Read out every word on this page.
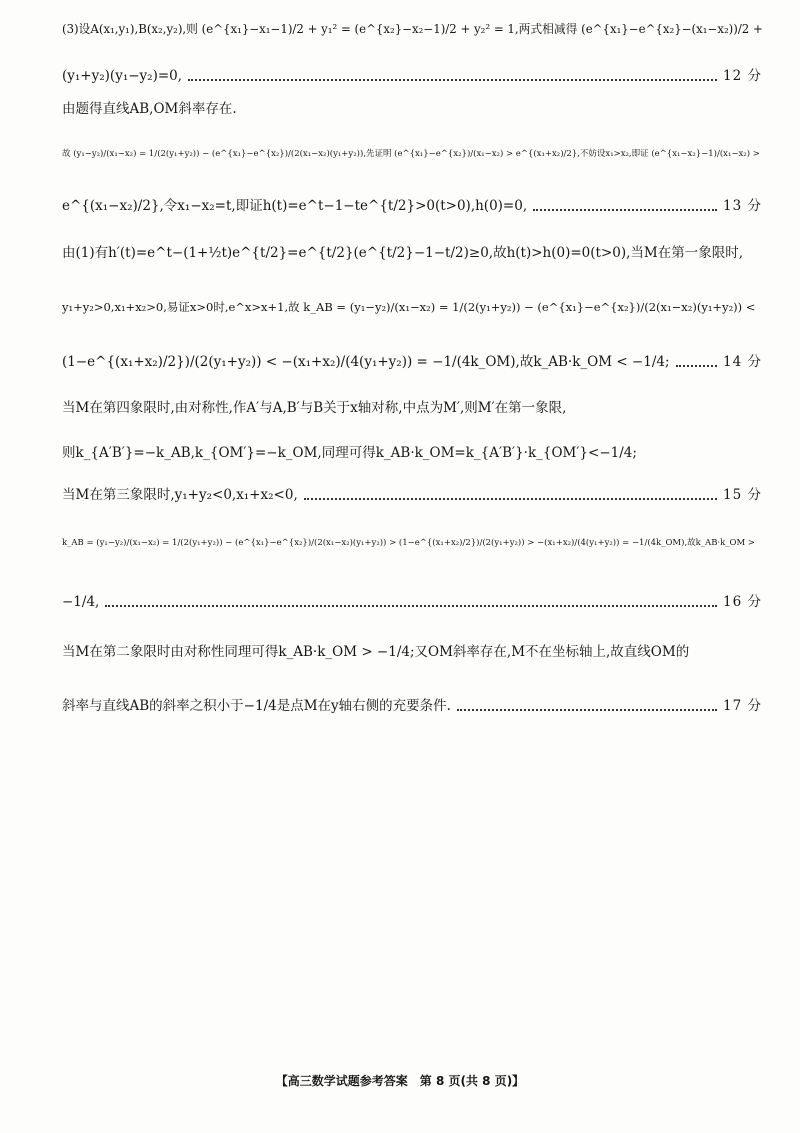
(3)设A(x₁,y₁),B(x₂,y₂),则 (e^{x₁}−x₁−1)/2 + y₁² = (e^{x₂}−x₂−1)/2 + y₂² = 1,两式相减得 (e^{x₁}−e^{x₂}−(x₁−x₂))/2 +
(y₁+y₂)(y₁−y₂)=0,	12 分
由题得直线AB,OM斜率存在.
故 (y₁−y₂)/(x₁−x₂) = 1/(2(y₁+y₂)) − (e^{x₁}−e^{x₂})/(2(x₁−x₂)(y₁+y₂)),先证明 (e^{x₁}−e^{x₂})/(x₁−x₂) > e^{(x₁+x₂)/2},不妨设x₁>x₂,即证 (e^{x₁−x₂}−1)/(x₁−x₂) >
e^{(x₁−x₂)/2},令x₁−x₂=t,即证h(t)=e^t−1−te^{t/2}>0(t>0),h(0)=0,	13 分
由(1)有h′(t)=e^t−(1+½t)e^{t/2}=e^{t/2}(e^{t/2}−1−t/2)≥0,故h(t)>h(0)=0(t>0),当M在第一象限时,
y₁+y₂>0,x₁+x₂>0,易证x>0时,e^x>x+1,故 k_AB = (y₁−y₂)/(x₁−x₂) = 1/(2(y₁+y₂)) − (e^{x₁}−e^{x₂})/(2(x₁−x₂)(y₁+y₂)) <
(1−e^{(x₁+x₂)/2})/(2(y₁+y₂)) < −(x₁+x₂)/(4(y₁+y₂)) = −1/(4k_OM),故k_AB·k_OM < −1/4;	14 分
当M在第四象限时,由对称性,作A′与A,B′与B关于x轴对称,中点为M′,则M′在第一象限,
则k_{A′B′}=−k_AB,k_{OM′}=−k_OM,同理可得k_AB·k_OM=k_{A′B′}·k_{OM′}<−1/4;
当M在第三象限时,y₁+y₂<0,x₁+x₂<0,	15 分
k_AB = (y₁−y₂)/(x₁−x₂) = 1/(2(y₁+y₂)) − (e^{x₁}−e^{x₂})/(2(x₁−x₂)(y₁+y₂)) > (1−e^{(x₁+x₂)/2})/(2(y₁+y₂)) > −(x₁+x₂)/(4(y₁+y₂)) = −1/(4k_OM),故k_AB·k_OM >
−1/4,	16 分
当M在第二象限时由对称性同理可得k_AB·k_OM > −1/4;又OM斜率存在,M不在坐标轴上,故直线OM的
斜率与直线AB的斜率之积小于−1/4是点M在y轴右侧的充要条件.	17 分
【高三数学试题参考答案　第 8 页(共 8 页)】
